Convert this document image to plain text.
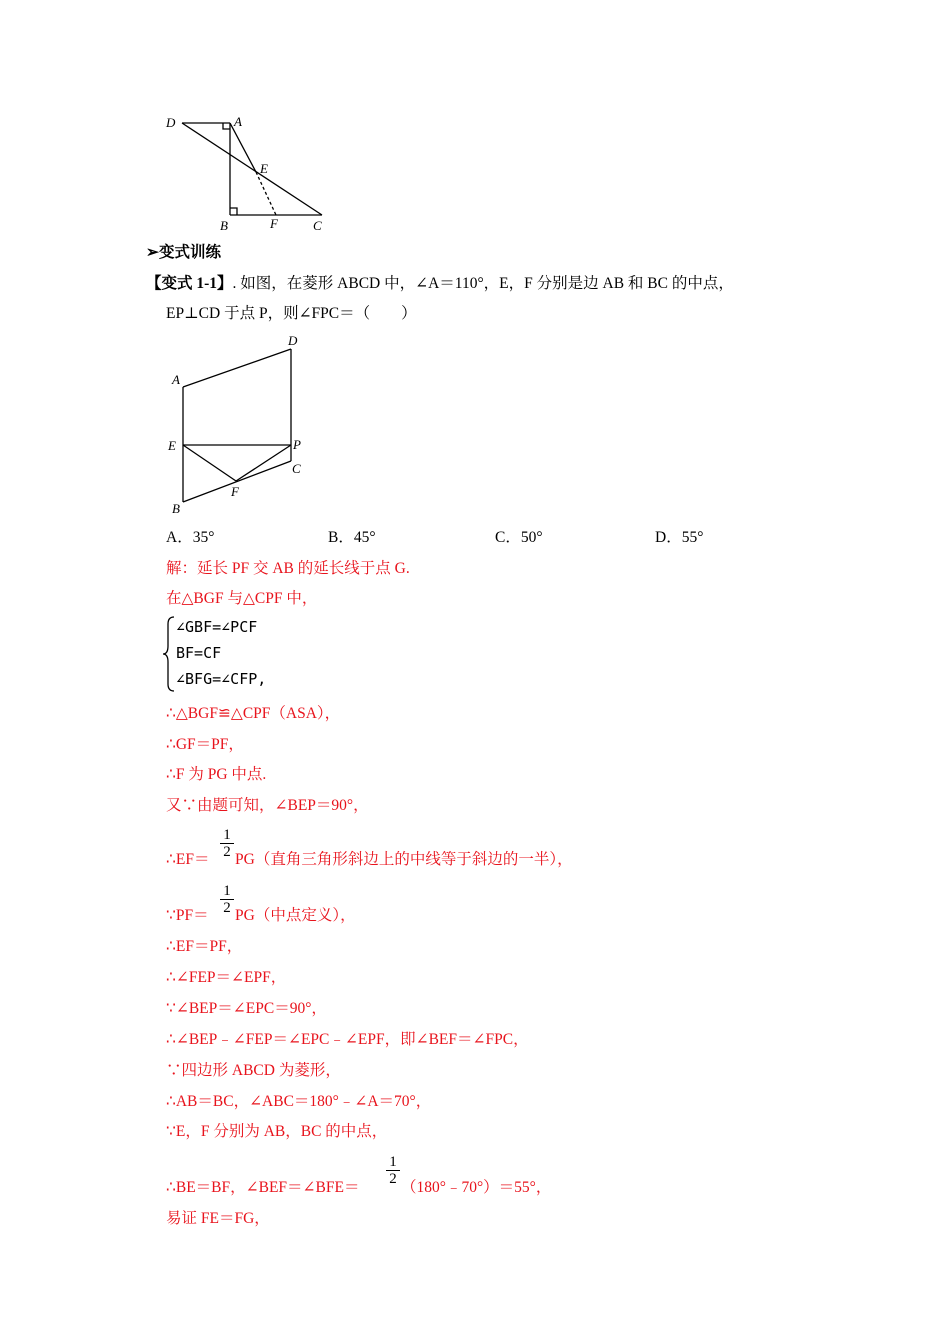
D	A
E
B	F	C
➢变式训练
【变式 1-1】. 如图，在菱形 ABCD 中，∠A＝110°，E，F 分别是边 AB 和 BC 的中点，
EP⊥CD 于点 P，则∠FPC＝（　　）
A
D
E	P
C
F
B
A．35°	B．45°	C．50°	D．55°
解：延长 PF 交 AB 的延长线于点 G.
在△BGF 与△CPF 中，
∠GBF=∠PCF
BF=CF
∠BFG=∠CFP,
∴△BGF≌△CPF（ASA），
∴GF＝PF，
∴F 为 PG 中点.
又∵由题可知，∠BEP＝90°，
1
2
∴EF＝ PG（直角三角形斜边上的中线等于斜边的一半），
1
2
∵PF＝ PG（中点定义），
∴EF＝PF，
∴∠FEP＝∠EPF，
∵∠BEP＝∠EPC＝90°，
∴∠BEP﹣∠FEP＝∠EPC﹣∠EPF，即∠BEF＝∠FPC，
∵四边形 ABCD 为菱形，
∴AB＝BC，∠ABC＝180°﹣∠A＝70°，
∵E，F 分别为 AB，BC 的中点，
1
2
∴BE＝BF，∠BEF＝∠BFE＝	（180°﹣70°）＝55°，
易证 FE＝FG，
